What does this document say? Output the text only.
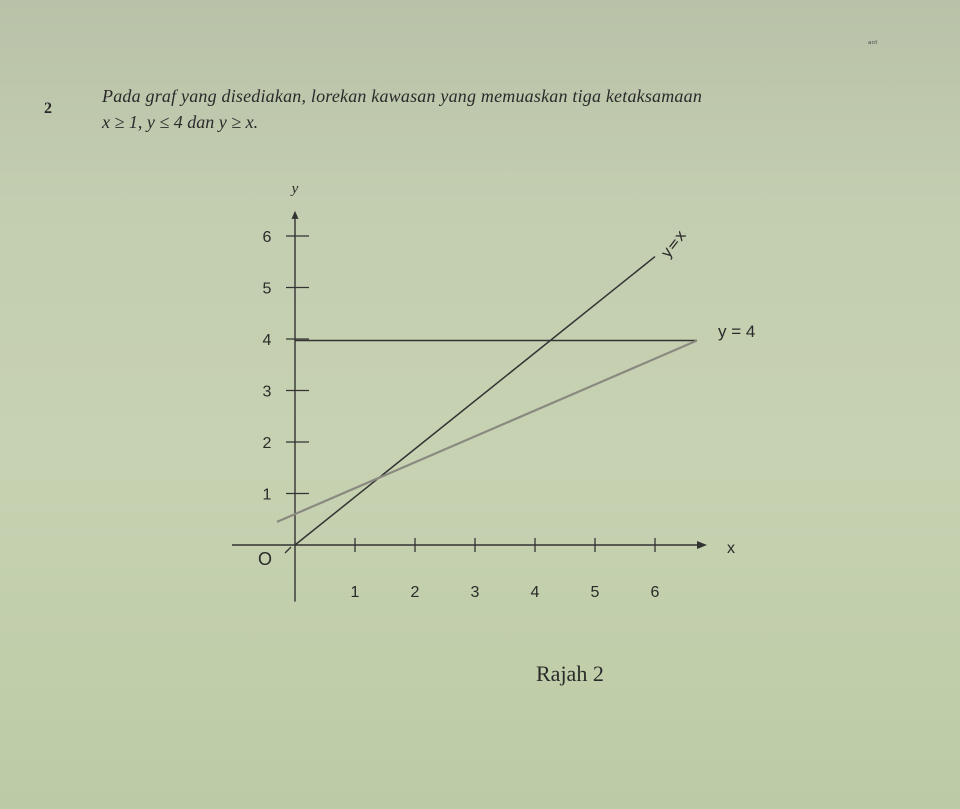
2
Pada graf yang disediakan, lorekan kawasan yang memuaskan tiga ketaksamaan
x ≥ 1, y ≤ 4 dan y ≥ x.
ᵃᵒᵗ
1	2	3	4	5	6
1
2
3
4
5
6
y
x
O
y=x
y = 4
Rajah 2
